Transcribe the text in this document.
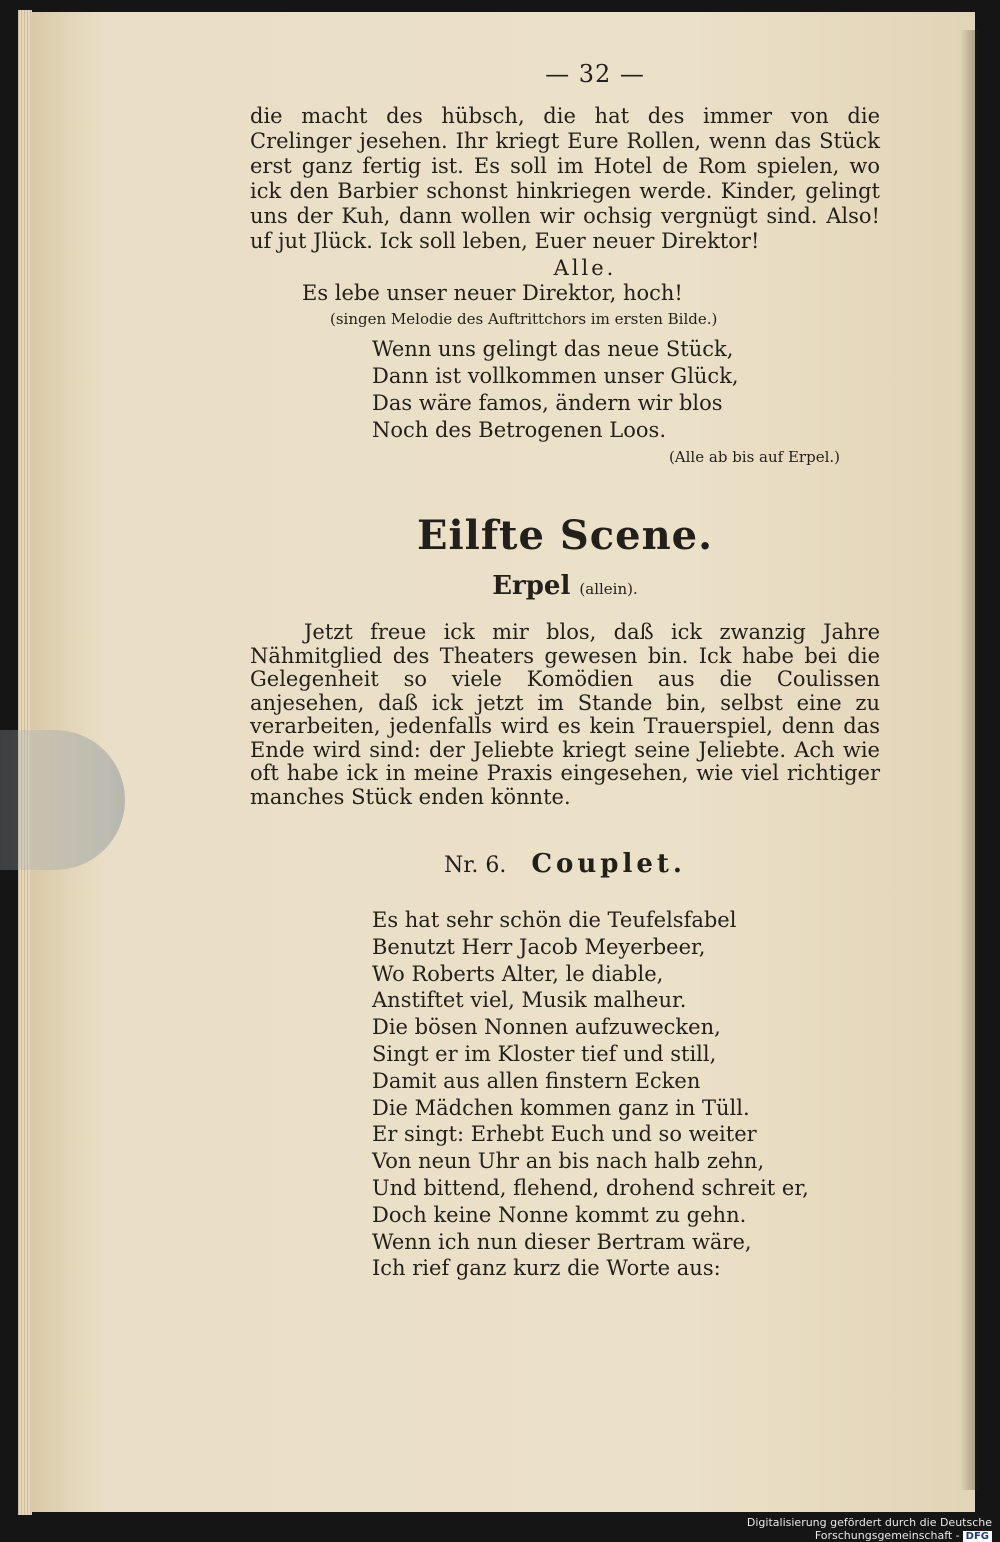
— 32 —

die macht des hübsch, die hat des immer von die Crelinger jesehen. Ihr kriegt Eure Rollen, wenn das Stück erst ganz fertig ist. Es soll im Hotel de Rom spielen, wo ick den Barbier schonst hinkriegen werde. Kinder, gelingt uns der Kuh, dann wollen wir ochsig vergnügt sind. Also! uf jut Jlück. Ick soll leben, Euer neuer Direktor!

Alle.
Es lebe unser neuer Direktor, hoch!
(singen Melodie des Auftrittchors im ersten Bilde.)
Wenn uns gelingt das neue Stück,
Dann ist vollkommen unser Glück,
Das wäre famos, ändern wir blos
Noch des Betrogenen Loos.
(Alle ab bis auf Erpel.)
Eilfte Scene.
Erpel (allein).

Jetzt freue ick mir blos, daß ick zwanzig Jahre Nähmitglied des Theaters gewesen bin. Ick habe bei die Gelegenheit so viele Komödien aus die Coulissen anjesehen, daß ick jetzt im Stande bin, selbst eine zu verarbeiten, jedenfalls wird es kein Trauerspiel, denn das Ende wird sind: der Jeliebte kriegt seine Jeliebte. Ach wie oft habe ick in meine Praxis eingesehen, wie viel richtiger manches Stück enden könnte.

Nr. 6. Couplet.
Es hat sehr schön die Teufelsfabel
Benutzt Herr Jacob Meyerbeer,
Wo Roberts Alter, le diable,
Anstiftet viel, Musik malheur.
Die bösen Nonnen aufzuwecken,
Singt er im Kloster tief und still,
Damit aus allen finstern Ecken
Die Mädchen kommen ganz in Tüll.
Er singt: Erhebt Euch und so weiter
Von neun Uhr an bis nach halb zehn,
Und bittend, flehend, drohend schreit er,
Doch keine Nonne kommt zu gehn.
Wenn ich nun dieser Bertram wäre,
Ich rief ganz kurz die Worte aus:
Digitalisierung gefördert durch die Deutsche Forschungsgemeinschaft - DFG
